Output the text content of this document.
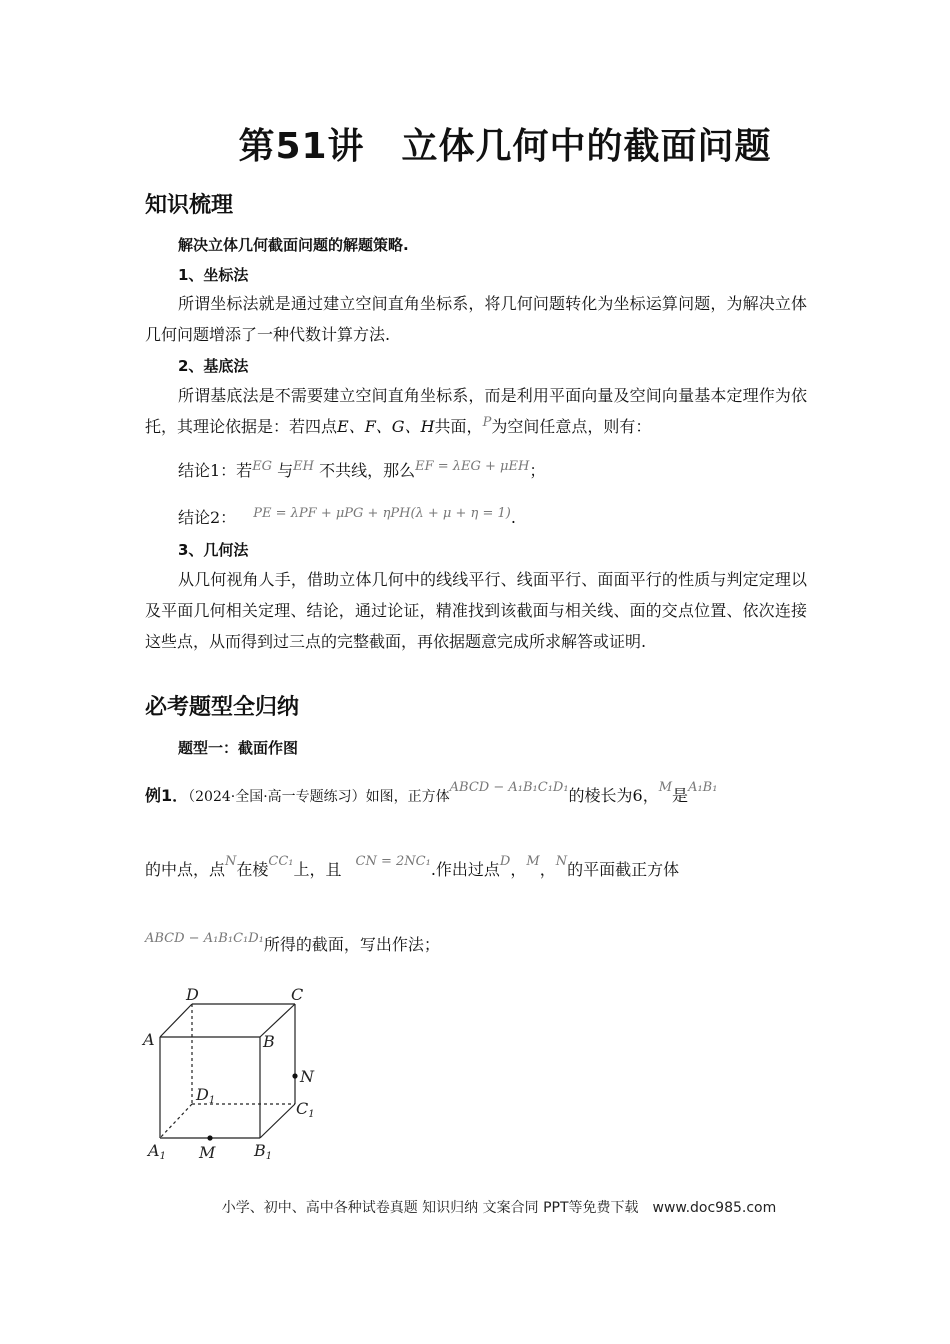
第51讲　立体几何中的截面问题
知识梳理
解决立体几何截面问题的解题策略.
1、坐标法
所谓坐标法就是通过建立空间直角坐标系，将几何问题转化为坐标运算问题，为解决立体几何问题增添了一种代数计算方法.
2、基底法
所谓基底法是不需要建立空间直角坐标系，而是利用平面向量及空间向量基本定理作为依托，其理论依据是：若四点E、F、G、H共面，$^P$为空间任意点，则有：
结论1：若$^{EG}$ 与$^{EH}$ 不共线，那么$^{EF = \lambda EG + \mu EH}$；
结论2： $^{PE = \lambda PF + \mu PG + \eta PH(\lambda + \mu + \eta = 1)}$.
3、几何法
从几何视角人手，借助立体几何中的线线平行、线面平行、面面平行的性质与判定定理以及平面几何相关定理、结论，通过论证，精准找到该截面与相关线、面的交点位置、依次连接这些点，从而得到过三点的完整截面，再依据题意完成所求解答或证明.
必考题型全归纳
题型一：截面作图
例1．（2024·全国·高一专题练习）如图，正方体$^{ABCD - A_1B_1C_1D_1}$的棱长为6，$^M$是$^{A_1B_1}$
的中点，点$^N$在棱$^{CC_1}$上，且 $^{CN = 2NC_1}$.作出过点$^D$，$^M$，$^N$的平面截正方体
$^{ABCD - A_1B_1C_1D_1}$所得的截面，写出作法；
D	C
A	B
N
D1	C1
A1 M B1
小学、初中、高中各种试卷真题 知识归纳 文案合同 PPT等免费下载　www.doc985.com
